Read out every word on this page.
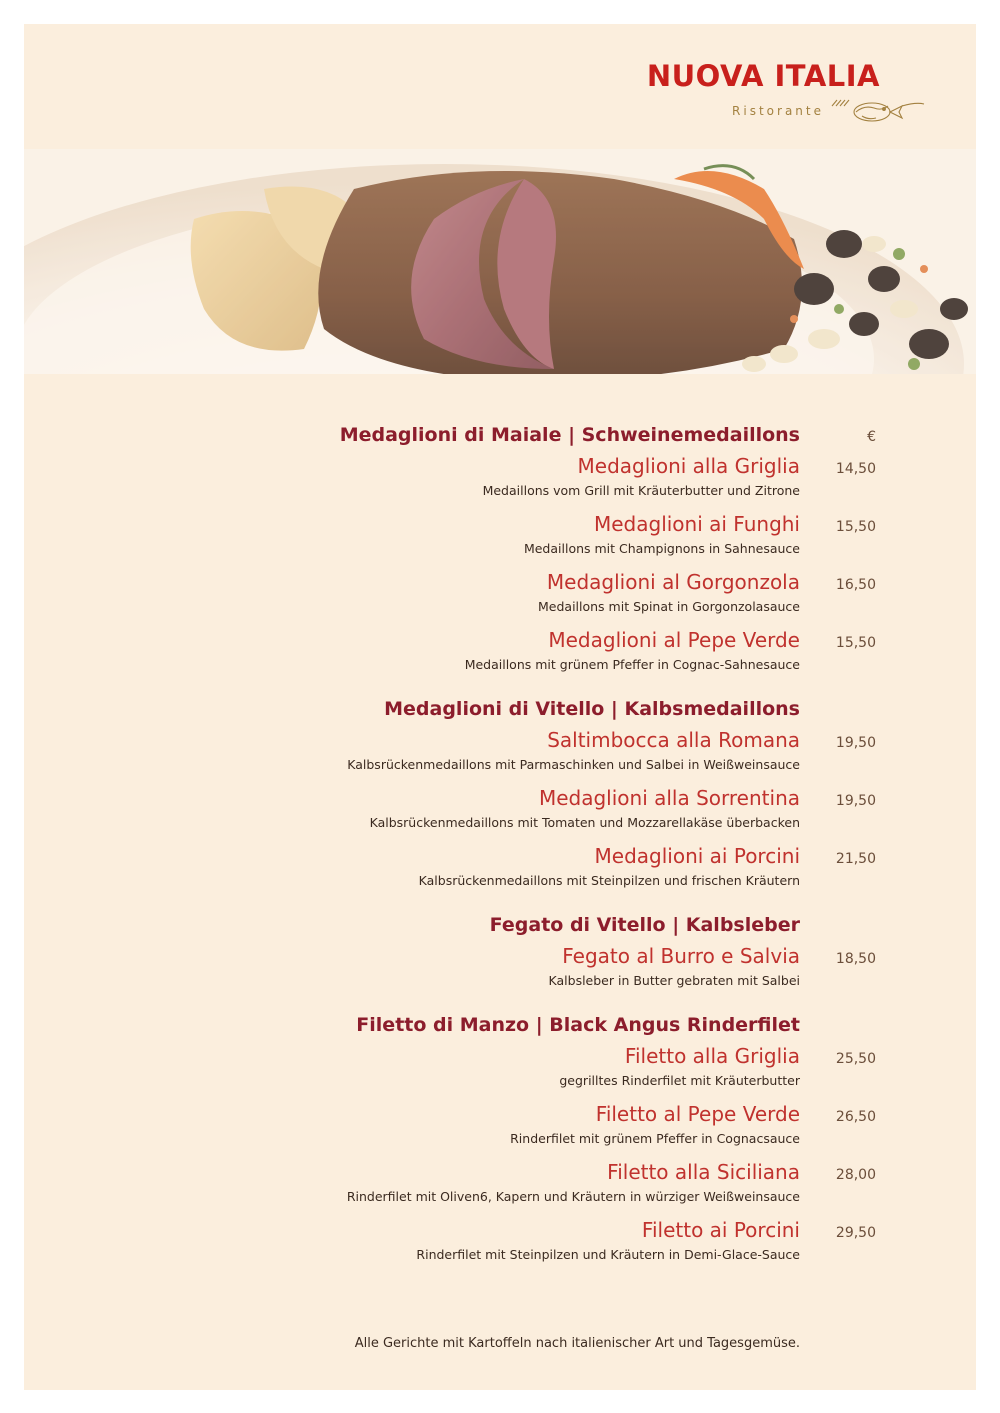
NUOVA ITALIA
Ristorante
Medaglioni di Maiale | Schweinemedaillons	€
Medaglioni alla Griglia	14,50
Medaillons vom Grill mit Kräuterbutter und Zitrone
Medaglioni ai Funghi	15,50
Medaillons mit Champignons in Sahnesauce
Medaglioni al Gorgonzola	16,50
Medaillons mit Spinat in Gorgonzolasauce
Medaglioni al Pepe Verde	15,50
Medaillons mit grünem Pfeffer in Cognac-Sahnesauce
Medaglioni di Vitello | Kalbsmedaillons
Saltimbocca alla Romana	19,50
Kalbsrückenmedaillons mit Parmaschinken und Salbei in Weißweinsauce
Medaglioni alla Sorrentina	19,50
Kalbsrückenmedaillons mit Tomaten und Mozzarellakäse überbacken
Medaglioni ai Porcini	21,50
Kalbsrückenmedaillons mit Steinpilzen und frischen Kräutern
Fegato di Vitello | Kalbsleber
Fegato al Burro e Salvia	18,50
Kalbsleber in Butter gebraten mit Salbei
Filetto di Manzo | Black Angus Rinderfilet
Filetto alla Griglia	25,50
gegrilltes Rinderfilet mit Kräuterbutter
Filetto al Pepe Verde	26,50
Rinderfilet mit grünem Pfeffer in Cognacsauce
Filetto alla Siciliana	28,00
Rinderfilet mit Oliven6, Kapern und Kräutern in würziger Weißweinsauce
Filetto ai Porcini	29,50
Rinderfilet mit Steinpilzen und Kräutern in Demi-Glace-Sauce
Alle Gerichte mit Kartoffeln nach italienischer Art und Tagesgemüse.
